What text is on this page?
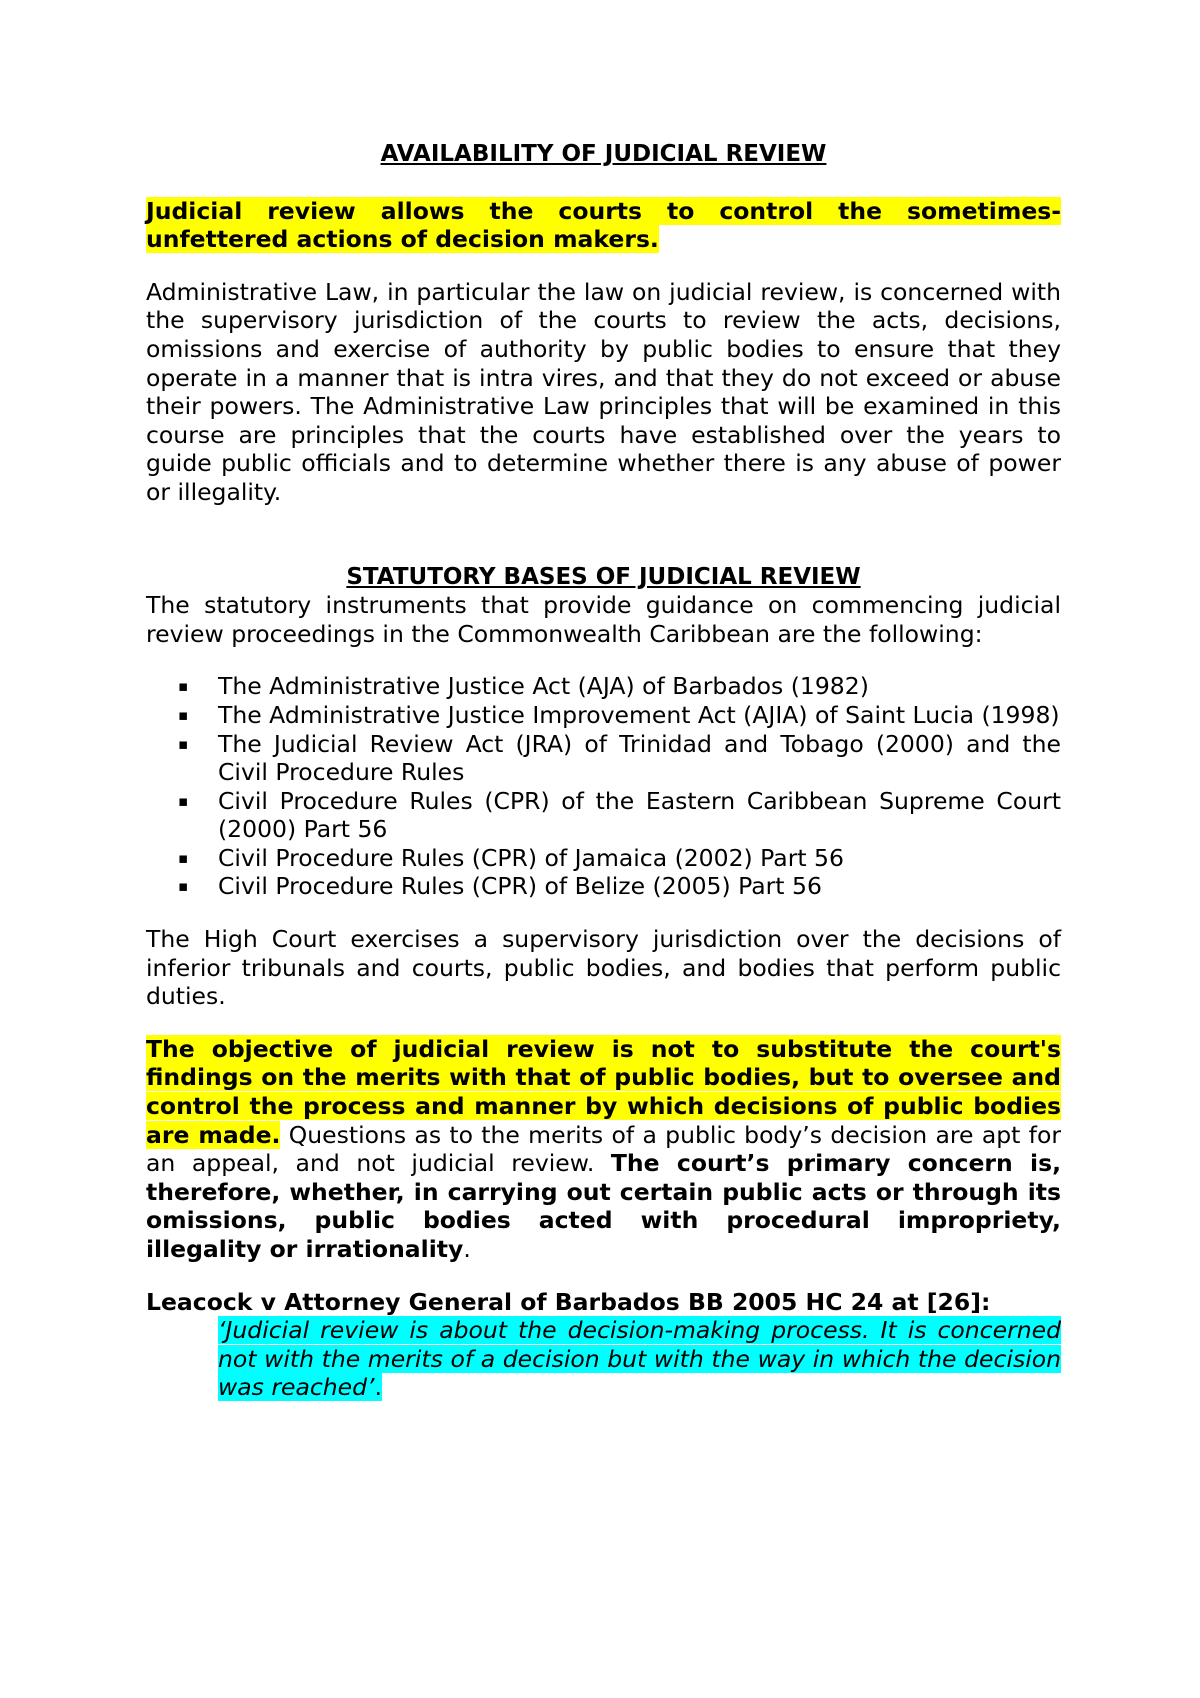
AVAILABILITY OF JUDICIAL REVIEW

Judicial review allows the courts to control the sometimes-unfettered actions of decision makers.

Administrative Law, in particular the law on judicial review, is concerned with the supervisory jurisdiction of the courts to review the acts, decisions, omissions and exercise of authority by public bodies to ensure that they operate in a manner that is intra vires, and that they do not exceed or abuse their powers. The Administrative Law principles that will be examined in this course are principles that the courts have established over the years to guide public officials and to determine whether there is any abuse of power or illegality.

STATUTORY BASES OF JUDICIAL REVIEW

The statutory instruments that provide guidance on commencing judicial review proceedings in the Commonwealth Caribbean are the following:

▪ The Administrative Justice Act (AJA) of Barbados (1982)
▪ The Administrative Justice Improvement Act (AJIA) of Saint Lucia (1998)
▪ The Judicial Review Act (JRA) of Trinidad and Tobago (2000) and the Civil Procedure Rules
▪ Civil Procedure Rules (CPR) of the Eastern Caribbean Supreme Court (2000) Part 56
▪ Civil Procedure Rules (CPR) of Jamaica (2002) Part 56
▪ Civil Procedure Rules (CPR) of Belize (2005) Part 56

The High Court exercises a supervisory jurisdiction over the decisions of inferior tribunals and courts, public bodies, and bodies that perform public duties.

The objective of judicial review is not to substitute the court's findings on the merits with that of public bodies, but to oversee and control the process and manner by which decisions of public bodies are made. Questions as to the merits of a public body’s decision are apt for an appeal, and not judicial review. The court’s primary concern is, therefore, whether, in carrying out certain public acts or through its omissions, public bodies acted with procedural impropriety, illegality or irrationality.

Leacock v Attorney General of Barbados BB 2005 HC 24 at [26]:

‘Judicial review is about the decision-making process. It is concerned not with the merits of a decision but with the way in which the decision was reached’.
